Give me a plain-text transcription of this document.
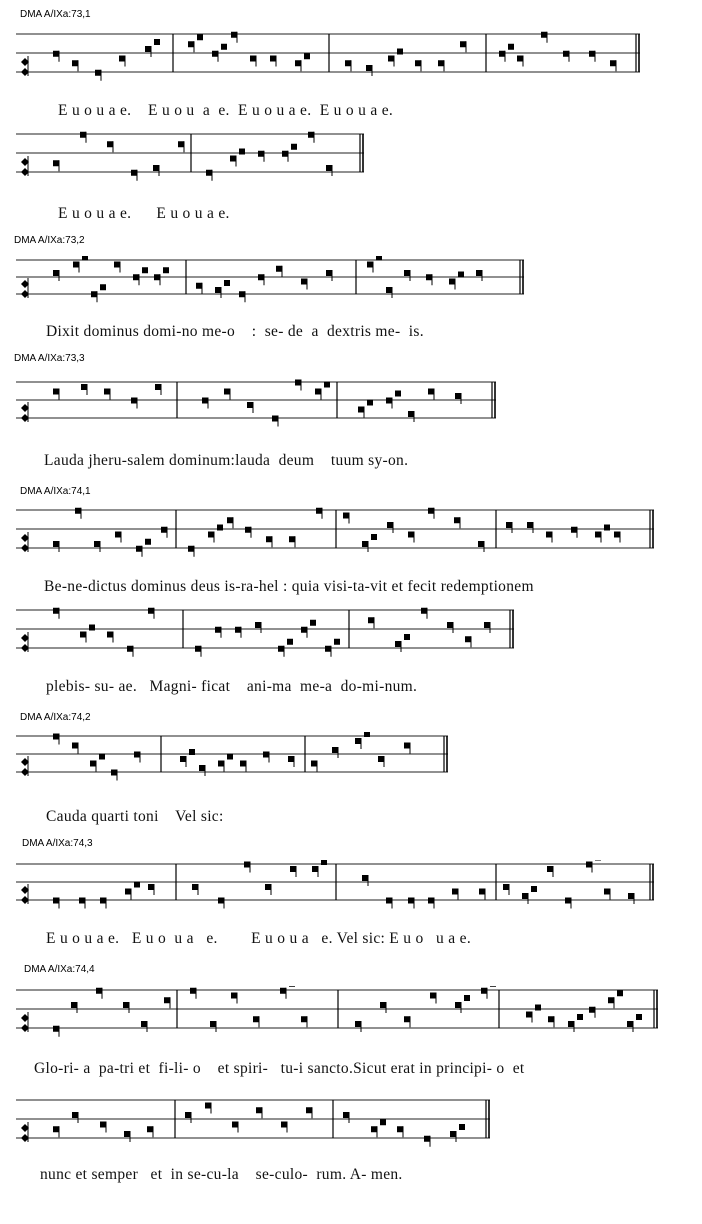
DMA A/IXa:73,1
E u o u a e.    E u o u  a  e.  E u o u a e.  E u o u a e.
E u o u a e.      E u o u a e.
DMA A/IXa:73,2
Dixit dominus domi-no me-o    :  se- de  a  dextris me-  is.
DMA A/IXa:73,3
Lauda jheru-salem dominum:lauda  deum    tuum sy-on.
DMA A/IXa:74,1
Be-ne-dictus dominus deus is-ra-hel : quia visi-ta-vit et fecit redemptionem
plebis- su- ae.   Magni- ficat    ani-ma  me-a  do-mi-num.
DMA A/IXa:74,2
Cauda quarti toni    Vel sic:
DMA A/IXa:74,3
E u o u a e.   E u o  u a   e.        E u o u a   e. Vel sic: E u o   u a e.
DMA A/IXa:74,4
Glo-ri- a  pa-tri et  fi-li- o    et spiri-   tu-i sancto.Sicut erat in principi- o  et
nunc et semper   et  in se-cu-la    se-culo-  rum. A- men.
